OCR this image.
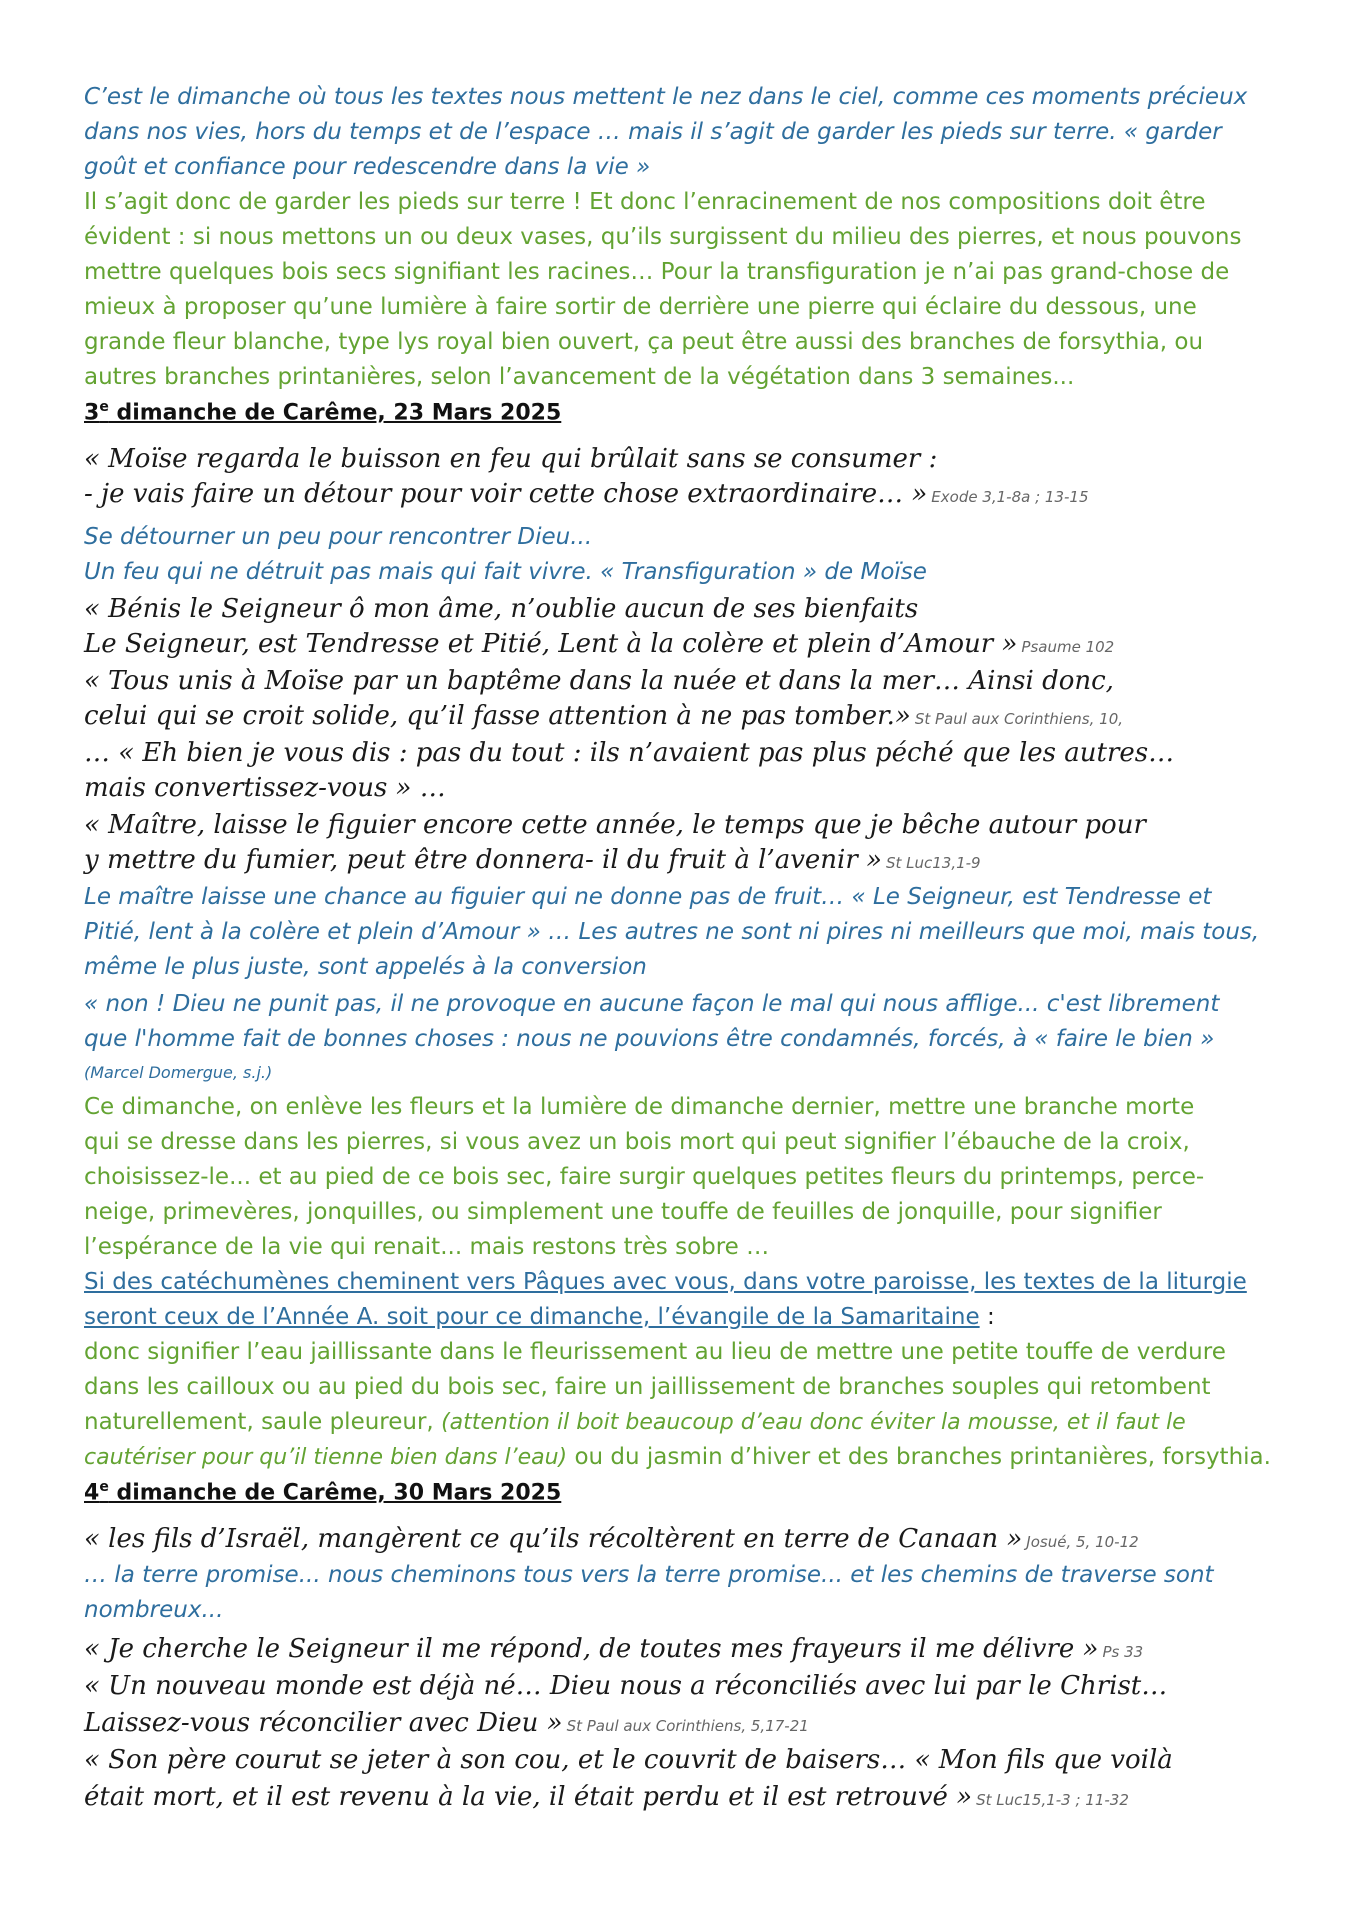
C’est le dimanche où tous les textes nous mettent le nez dans le ciel, comme ces moments précieux
dans nos vies, hors du temps et de l’espace … mais il s’agit de garder les pieds sur terre. « garder
goût et confiance pour redescendre dans la vie »
Il s’agit donc de garder les pieds sur terre ! Et donc l’enracinement de nos compositions doit être
évident : si nous mettons un ou deux vases, qu’ils surgissent du milieu des pierres, et nous pouvons
mettre quelques bois secs signifiant les racines… Pour la transfiguration je n’ai pas grand-chose de
mieux à proposer qu’une lumière à faire sortir de derrière une pierre qui éclaire du dessous, une
grande fleur blanche, type lys royal bien ouvert, ça peut être aussi des branches de forsythia, ou
autres branches printanières, selon l’avancement de la végétation dans 3 semaines...
3e dimanche de Carême, 23 Mars 2025
« Moïse regarda le buisson en feu qui brûlait sans se consumer :
- je vais faire un détour pour voir cette chose extraordinaire… » Exode 3,1-8a ; 13-15
Se détourner un peu pour rencontrer Dieu...
Un feu qui ne détruit pas mais qui fait vivre. « Transfiguration » de Moïse
« Bénis le Seigneur ô mon âme, n’oublie aucun de ses bienfaits
Le Seigneur, est Tendresse et Pitié, Lent à la colère et plein d’Amour » Psaume 102
« Tous unis à Moïse par un baptême dans la nuée et dans la mer… Ainsi donc,
celui qui se croit solide, qu’il fasse attention à ne pas tomber.» St Paul aux Corinthiens, 10,
… « Eh bien je vous dis : pas du tout : ils n’avaient pas plus péché que les autres…
mais convertissez-vous » …
« Maître, laisse le figuier encore cette année, le temps que je bêche autour pour
y mettre du fumier, peut être donnera- il du fruit à l’avenir » St Luc13,1-9
Le maître laisse une chance au figuier qui ne donne pas de fruit… « Le Seigneur, est Tendresse et
Pitié, lent à la colère et plein d’Amour » … Les autres ne sont ni pires ni meilleurs que moi, mais tous,
même le plus juste, sont appelés à la conversion
« non ! Dieu ne punit pas, il ne provoque en aucune façon le mal qui nous afflige... c'est librement
que l'homme fait de bonnes choses : nous ne pouvions être condamnés, forcés, à « faire le bien »
(Marcel Domergue, s.j.)
Ce dimanche, on enlève les fleurs et la lumière de dimanche dernier, mettre une branche morte
qui se dresse dans les pierres, si vous avez un bois mort qui peut signifier l’ébauche de la croix,
choisissez-le... et au pied de ce bois sec, faire surgir quelques petites fleurs du printemps, perce-
neige, primevères, jonquilles, ou simplement une touffe de feuilles de jonquille, pour signifier
l’espérance de la vie qui renait... mais restons très sobre …
Si des catéchumènes cheminent vers Pâques avec vous, dans votre paroisse, les textes de la liturgie
seront ceux de l’Année A. soit pour ce dimanche, l’évangile de la Samaritaine :
donc signifier l’eau jaillissante dans le fleurissement au lieu de mettre une petite touffe de verdure
dans les cailloux ou au pied du bois sec, faire un jaillissement de branches souples qui retombent
naturellement, saule pleureur, (attention il boit beaucoup d’eau donc éviter la mousse, et il faut le
cautériser pour qu’il tienne bien dans l’eau) ou du jasmin d’hiver et des branches printanières, forsythia.
4e dimanche de Carême, 30 Mars 2025
« les fils d’Israël, mangèrent ce qu’ils récoltèrent en terre de Canaan » Josué, 5, 10-12
… la terre promise... nous cheminons tous vers la terre promise... et les chemins de traverse sont
nombreux...
« Je cherche le Seigneur il me répond, de toutes mes frayeurs il me délivre » Ps 33
« Un nouveau monde est déjà né… Dieu nous a réconciliés avec lui par le Christ…
Laissez-vous réconcilier avec Dieu » St Paul aux Corinthiens, 5,17-21
« Son père courut se jeter à son cou, et le couvrit de baisers… « Mon fils que voilà
était mort, et il est revenu à la vie, il était perdu et il est retrouvé » St Luc15,1-3 ; 11-32
